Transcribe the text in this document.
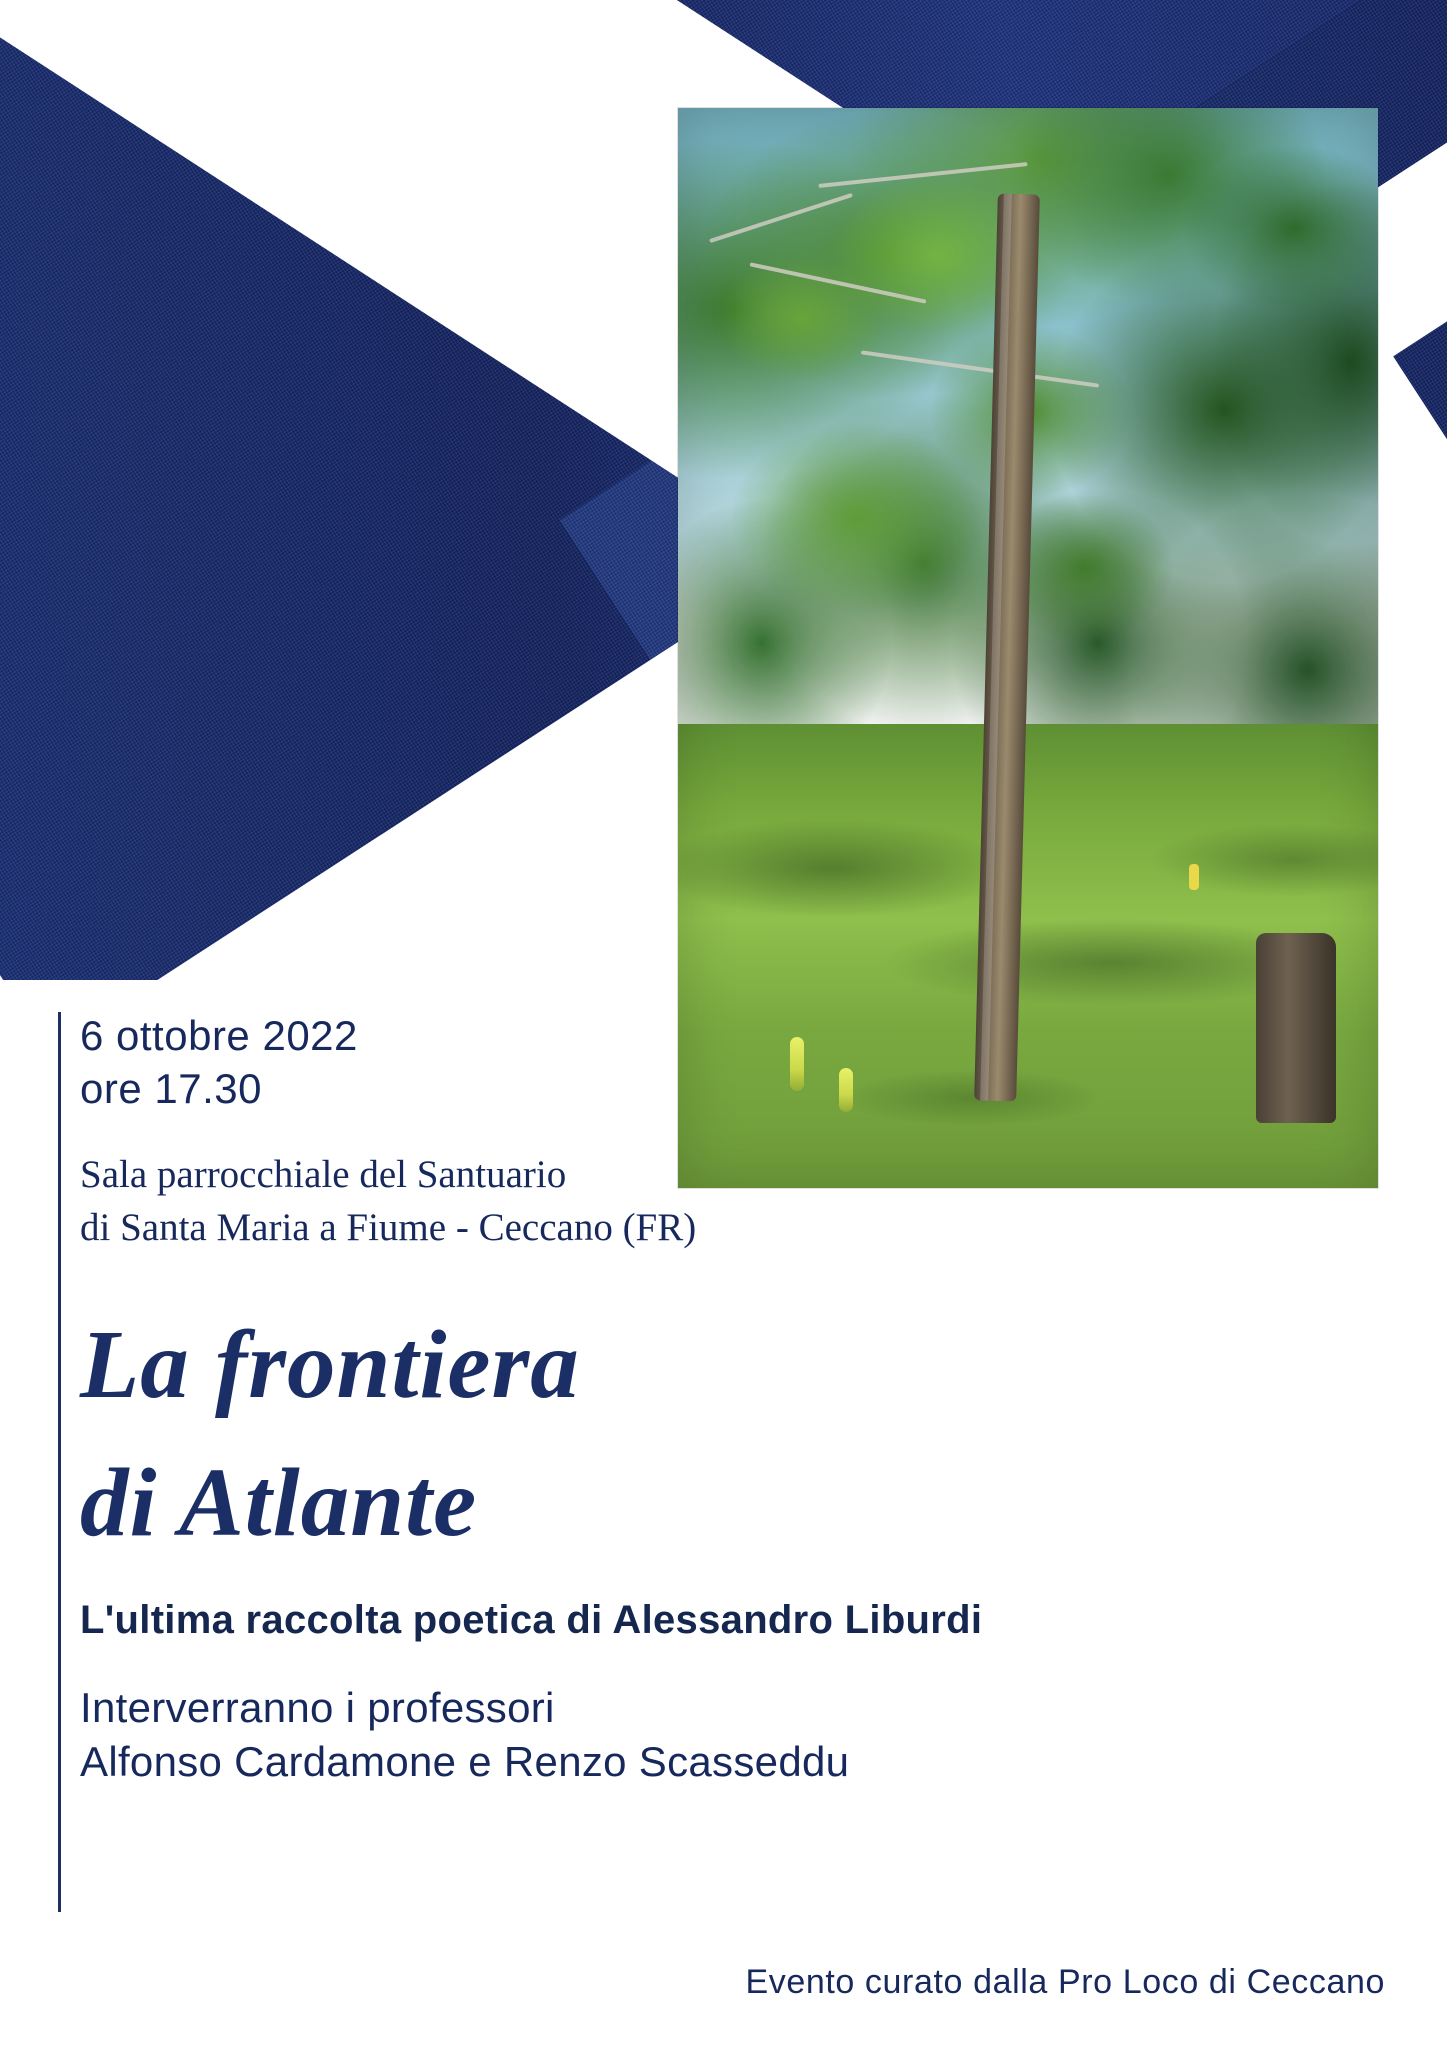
6 ottobre 2022
ore 17.30
Sala parrocchiale del Santuario
di Santa Maria a Fiume - Ceccano (FR)
La frontiera
di Atlante
L'ultima raccolta poetica di Alessandro Liburdi
Interverranno i professori
Alfonso Cardamone e Renzo Scasseddu
Evento curato dalla Pro Loco di Ceccano
